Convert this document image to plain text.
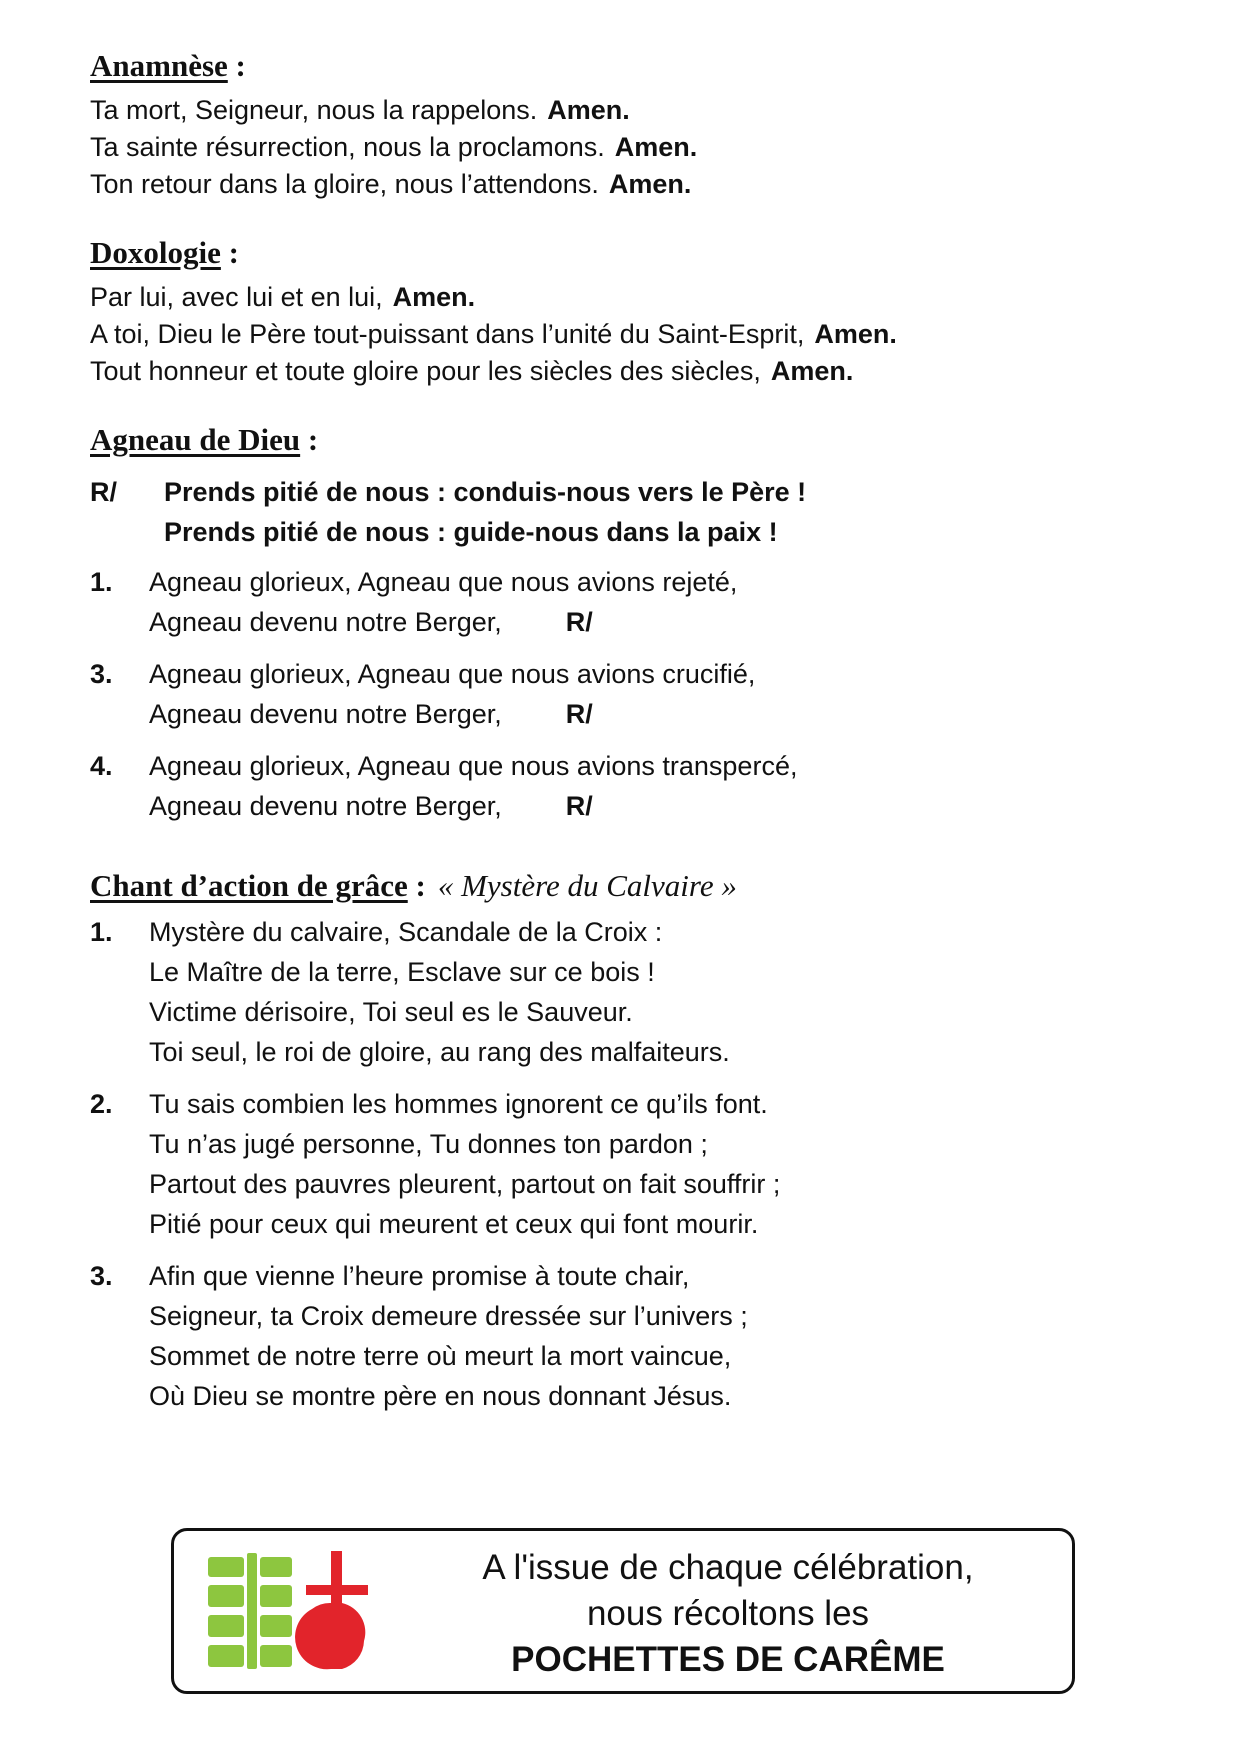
Anamnèse :
Ta mort, Seigneur, nous la rappelons. Amen.
Ta sainte résurrection, nous la proclamons. Amen.
Ton retour dans la gloire, nous l’attendons. Amen.
Doxologie :
Par lui, avec lui et en lui, Amen.
A toi, Dieu le Père tout-puissant dans l’unité du Saint-Esprit, Amen.
Tout honneur et toute gloire pour les siècles des siècles, Amen.
Agneau de Dieu :
R/	Prends pitié de nous : conduis-nous vers le Père !
Prends pitié de nous : guide-nous dans la paix !
1.	Agneau glorieux, Agneau que nous avions rejeté,
Agneau devenu notre Berger, R/
3.	Agneau glorieux, Agneau que nous avions crucifié,
Agneau devenu notre Berger, R/
4.	Agneau glorieux, Agneau que nous avions transpercé,
Agneau devenu notre Berger, R/
Chant d’action de grâce : « Mystère du Calvaire »
1.	Mystère du calvaire, Scandale de la Croix :
Le Maître de la terre, Esclave sur ce bois !
Victime dérisoire, Toi seul es le Sauveur.
Toi seul, le roi de gloire, au rang des malfaiteurs.
2.	Tu sais combien les hommes ignorent ce qu’ils font.
Tu n’as jugé personne, Tu donnes ton pardon ;
Partout des pauvres pleurent, partout on fait souffrir ;
Pitié pour ceux qui meurent et ceux qui font mourir.
3.	Afin que vienne l’heure promise à toute chair,
Seigneur, ta Croix demeure dressée sur l’univers ;
Sommet de notre terre où meurt la mort vaincue,
Où Dieu se montre père en nous donnant Jésus.
A l'issue de chaque célébration,
nous récoltons les
POCHETTES DE CARÊME
